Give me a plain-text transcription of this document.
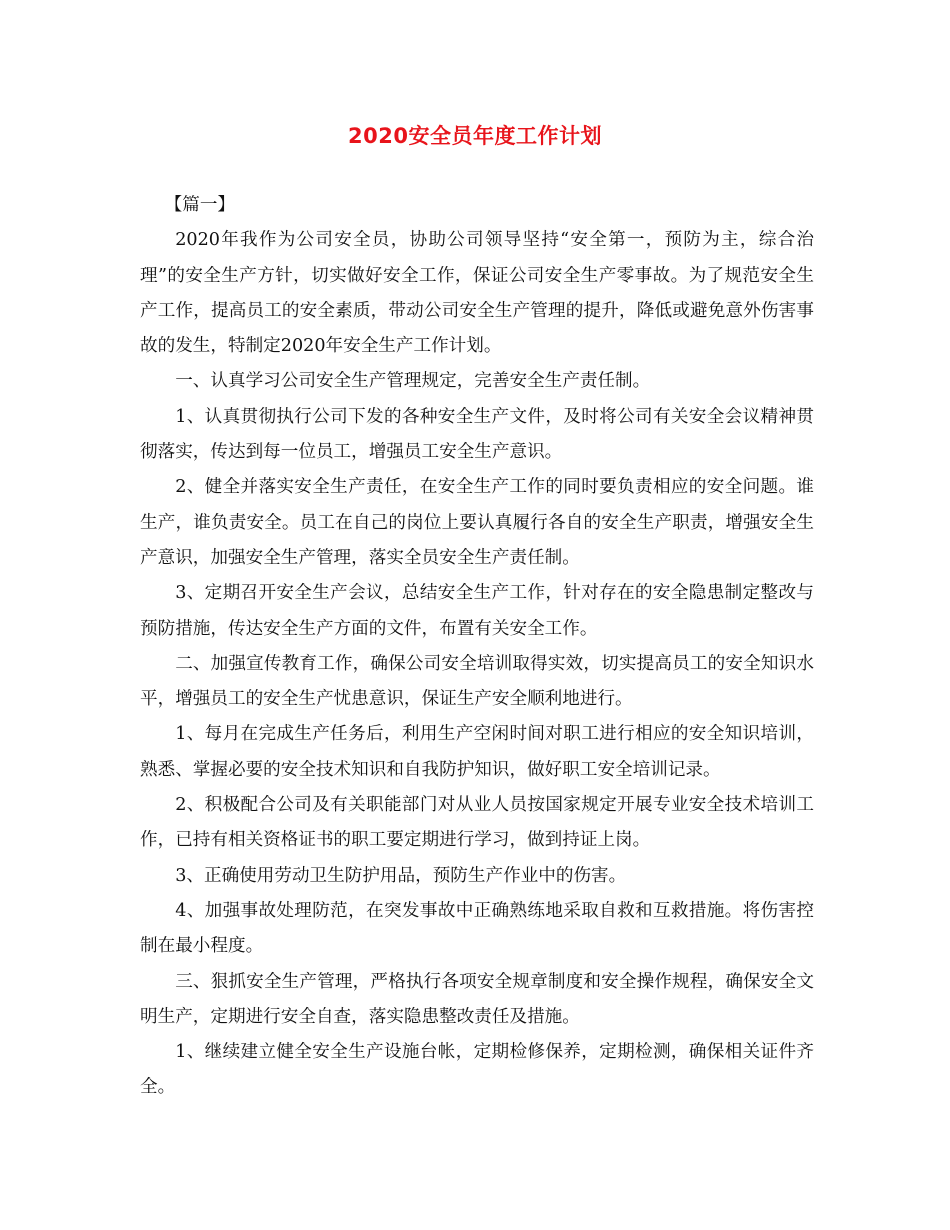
2020安全员年度工作计划

【篇一】

2020年我作为公司安全员，协助公司领导坚持“安全第一，预防为主，综合治理”的安全生产方针，切实做好安全工作，保证公司安全生产零事故。为了规范安全生产工作，提高员工的安全素质，带动公司安全生产管理的提升，降低或避免意外伤害事故的发生，特制定2020年安全生产工作计划。

一、认真学习公司安全生产管理规定，完善安全生产责任制。

1、认真贯彻执行公司下发的各种安全生产文件，及时将公司有关安全会议精神贯彻落实，传达到每一位员工，增强员工安全生产意识。

2、健全并落实安全生产责任，在安全生产工作的同时要负责相应的安全问题。谁生产，谁负责安全。员工在自己的岗位上要认真履行各自的安全生产职责，增强安全生产意识，加强安全生产管理，落实全员安全生产责任制。

3、定期召开安全生产会议，总结安全生产工作，针对存在的安全隐患制定整改与预防措施，传达安全生产方面的文件，布置有关安全工作。

二、加强宣传教育工作，确保公司安全培训取得实效，切实提高员工的安全知识水平，增强员工的安全生产忧患意识，保证生产安全顺利地进行。

1、每月在完成生产任务后，利用生产空闲时间对职工进行相应的安全知识培训，熟悉、掌握必要的安全技术知识和自我防护知识，做好职工安全培训记录。

2、积极配合公司及有关职能部门对从业人员按国家规定开展专业安全技术培训工作，已持有相关资格证书的职工要定期进行学习，做到持证上岗。

3、正确使用劳动卫生防护用品，预防生产作业中的伤害。

4、加强事故处理防范，在突发事故中正确熟练地采取自救和互救措施。将伤害控制在最小程度。

三、狠抓安全生产管理，严格执行各项安全规章制度和安全操作规程，确保安全文明生产，定期进行安全自查，落实隐患整改责任及措施。

1、继续建立健全安全生产设施台帐，定期检修保养，定期检测，确保相关证件齐全。
